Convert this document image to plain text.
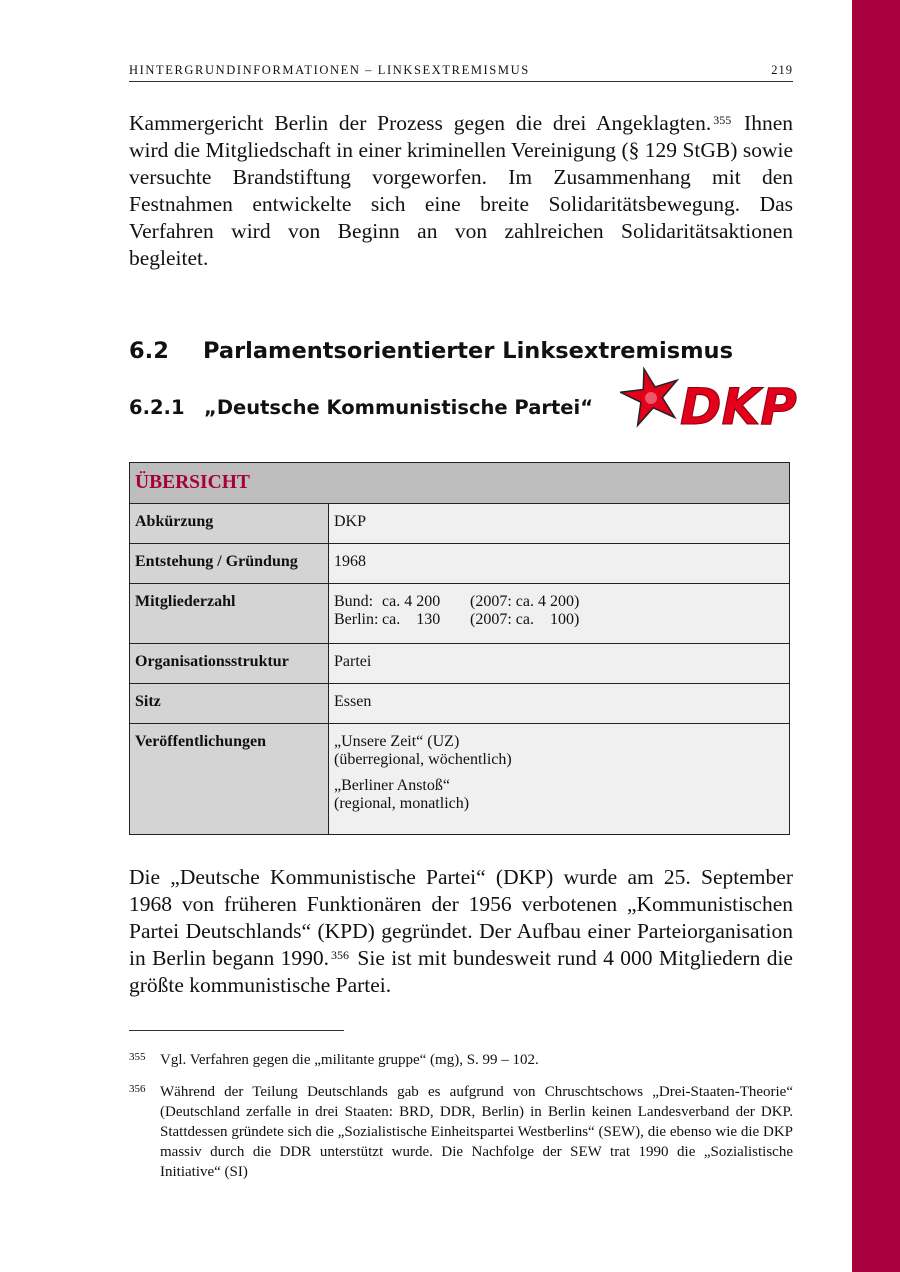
HINTERGRUNDINFORMATIONEN – LINKSEXTREMISMUS	219
Kammergericht Berlin der Prozess gegen die drei Angeklagten. $^{355}$ Ihnen wird die Mitgliedschaft in einer kriminellen Vereinigung (§ 129 StGB) sowie versuchte Brandstiftung vorgeworfen. Im Zusammenhang mit den Festnahmen entwickelte sich eine breite Solidaritätsbewegung. Das Verfahren wird von Beginn an von zahlreichen Solidaritätsaktionen begleitet.
6.2 Parlamentsorientierter Linksextremismus
6.2.1 „Deutsche Kommunistische Partei“ DKP
ÜBERSICHT	
Abkürzung	DKP
Entstehung / Gründung	1968
Mitgliederzahl	Bund: ca. 4 200 (2007: ca. 4 200)
Berlin: ca.    130 (2007: ca.    100)

Organisationsstruktur	Partei
Sitz	Essen
Veröffentlichungen	„Unsere Zeit“ (UZ)
(überregional, wöchentlich)
„Berliner Anstoß“
(regional, monatlich)
Die „Deutsche Kommunistische Partei“ (DKP) wurde am 25. September 1968 von früheren Funktionären der 1956 verbotenen „Kommunistischen Partei Deutschlands“ (KPD) gegründet. Der Aufbau einer Parteiorganisation in Berlin begann 1990. $^{356}$ Sie ist mit bundesweit rund 4 000 Mitgliedern die größte kommunistische Partei.
355 Vgl. Verfahren gegen die „militante gruppe“ (mg), S. 99 – 102.
356 Während der Teilung Deutschlands gab es aufgrund von Chruschtschows „Drei-Staaten-Theorie“ (Deutschland zerfalle in drei Staaten: BRD, DDR, Berlin) in Berlin keinen Landesverband der DKP. Stattdessen gründete sich die „Sozialistische Einheitspartei Westberlins“ (SEW), die ebenso wie die DKP massiv durch die DDR unterstützt wurde. Die Nachfolge der SEW trat 1990 die „Sozialistische Initiative“ (SI)
